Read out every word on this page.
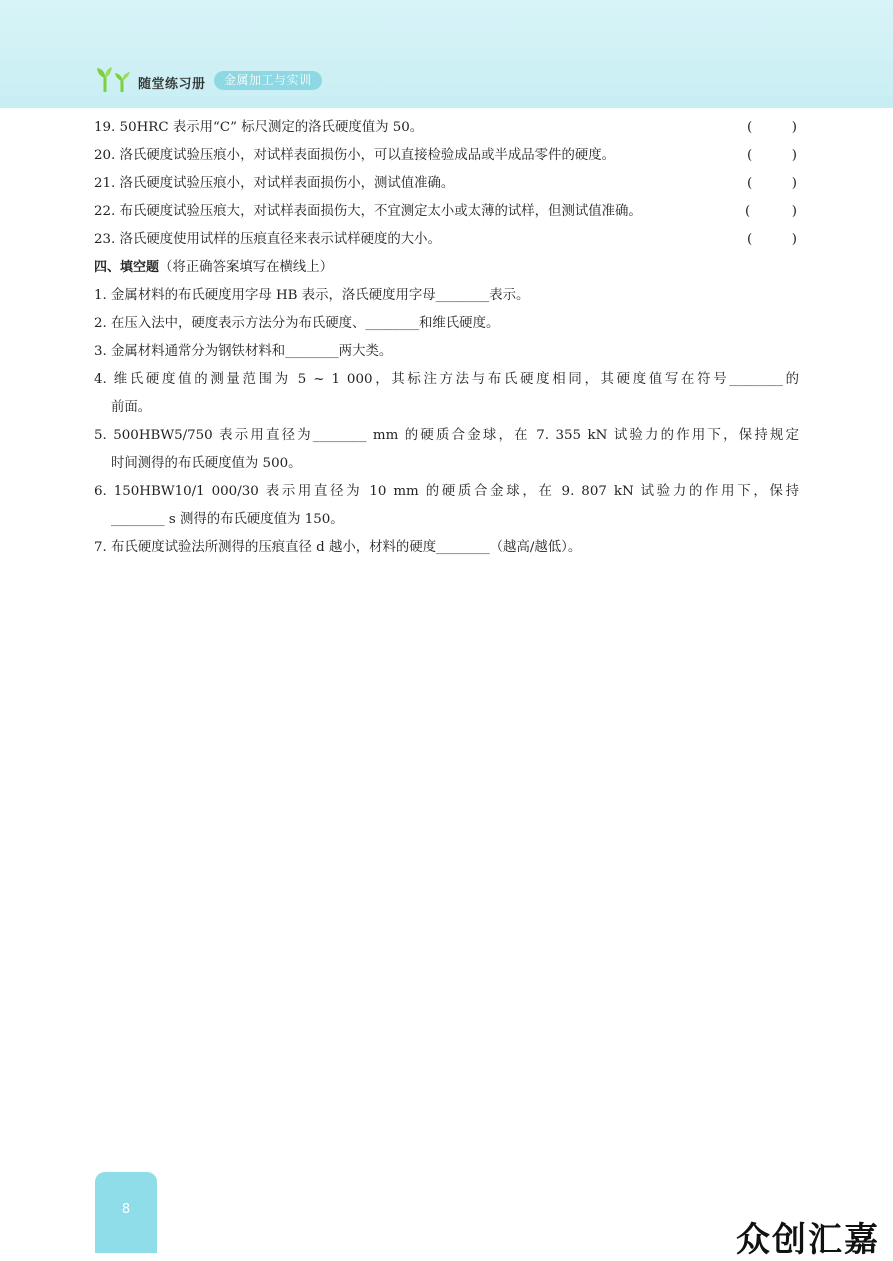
随堂练习册	金属加工与实训
19. 50HRC 表示用“C” 标尺测定的洛氏硬度值为 50。	(	)
20. 洛氏硬度试验压痕小，对试样表面损伤小，可以直接检验成品或半成品零件的硬度。	(	)
21. 洛氏硬度试验压痕小，对试样表面损伤小，测试值准确。	(	)
22. 布氏硬度试验压痕大，对试样表面损伤大，不宜测定太小或太薄的试样，但测试值准确。	(	)
23. 洛氏硬度使用试样的压痕直径来表示试样硬度的大小。	(	)
四、填空题（将正确答案填写在横线上）
1. 金属材料的布氏硬度用字母 HB 表示，洛氏硬度用字母________表示。
2. 在压入法中，硬度表示方法分为布氏硬度、________和维氏硬度。
3. 金属材料通常分为钢铁材料和________两大类。
4. 维氏硬度值的测量范围为 5 ~ 1 000，其标注方法与布氏硬度相同，其硬度值写在符号________的
前面。
5. 500HBW5/750 表示用直径为________ mm 的硬质合金球，在 7. 355 kN 试验力的作用下，保持规定
时间测得的布氏硬度值为 500。
6. 150HBW10/1 000/30 表示用直径为 10 mm 的硬质合金球，在 9. 807 kN 试验力的作用下，保持
________ s 测得的布氏硬度值为 150。
7. 布氏硬度试验法所测得的压痕直径 d 越小，材料的硬度________（越高/越低）。
8
众创汇嘉
